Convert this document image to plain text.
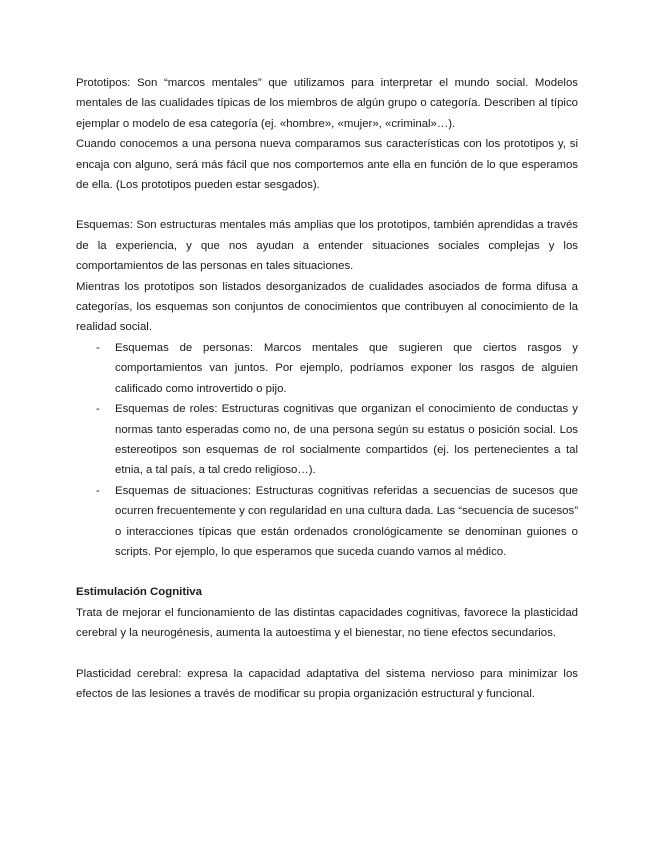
Prototipos: Son “marcos mentales” que utilizamos para interpretar el mundo social. Modelos mentales de las cualidades típicas de los miembros de algún grupo o categoría. Describen al típico ejemplar o modelo de esa categoría (ej. «hombre», «mujer», «criminal»…).

Cuando conocemos a una persona nueva comparamos sus características con los prototipos y, si encaja con alguno, será más fácil que nos comportemos ante ella en función de lo que esperamos de ella. (Los prototipos pueden estar sesgados).

Esquemas: Son estructuras mentales más amplias que los prototipos, también aprendidas a través de la experiencia, y que nos ayudan a entender situaciones sociales complejas y los comportamientos de las personas en tales situaciones.

Mientras los prototipos son listados desorganizados de cualidades asociados de forma difusa a categorías, los esquemas son conjuntos de conocimientos que contribuyen al conocimiento de la realidad social.

- Esquemas de personas: Marcos mentales que sugieren que ciertos rasgos y comportamientos van juntos. Por ejemplo, podríamos exponer los rasgos de alguien calificado como introvertido o pijo.
- Esquemas de roles: Estructuras cognitivas que organizan el conocimiento de conductas y normas tanto esperadas como no, de una persona según su estatus o posición social. Los estereotipos son esquemas de rol socialmente compartidos (ej. los pertenecientes a tal etnia, a tal país, a tal credo religioso…).
- Esquemas de situaciones: Estructuras cognitivas referidas a secuencias de sucesos que ocurren frecuentemente y con regularidad en una cultura dada. Las “secuencia de sucesos” o interacciones típicas que están ordenados cronológicamente se denominan guiones o scripts. Por ejemplo, lo que esperamos que suceda cuando vamos al médico.

Estimulación Cognitiva

Trata de mejorar el funcionamiento de las distintas capacidades cognitivas, favorece la plasticidad cerebral y la neurogénesis, aumenta la autoestima y el bienestar, no tiene efectos secundarios.

Plasticidad cerebral: expresa la capacidad adaptativa del sistema nervioso para minimizar los efectos de las lesiones a través de modificar su propia organización estructural y funcional.
